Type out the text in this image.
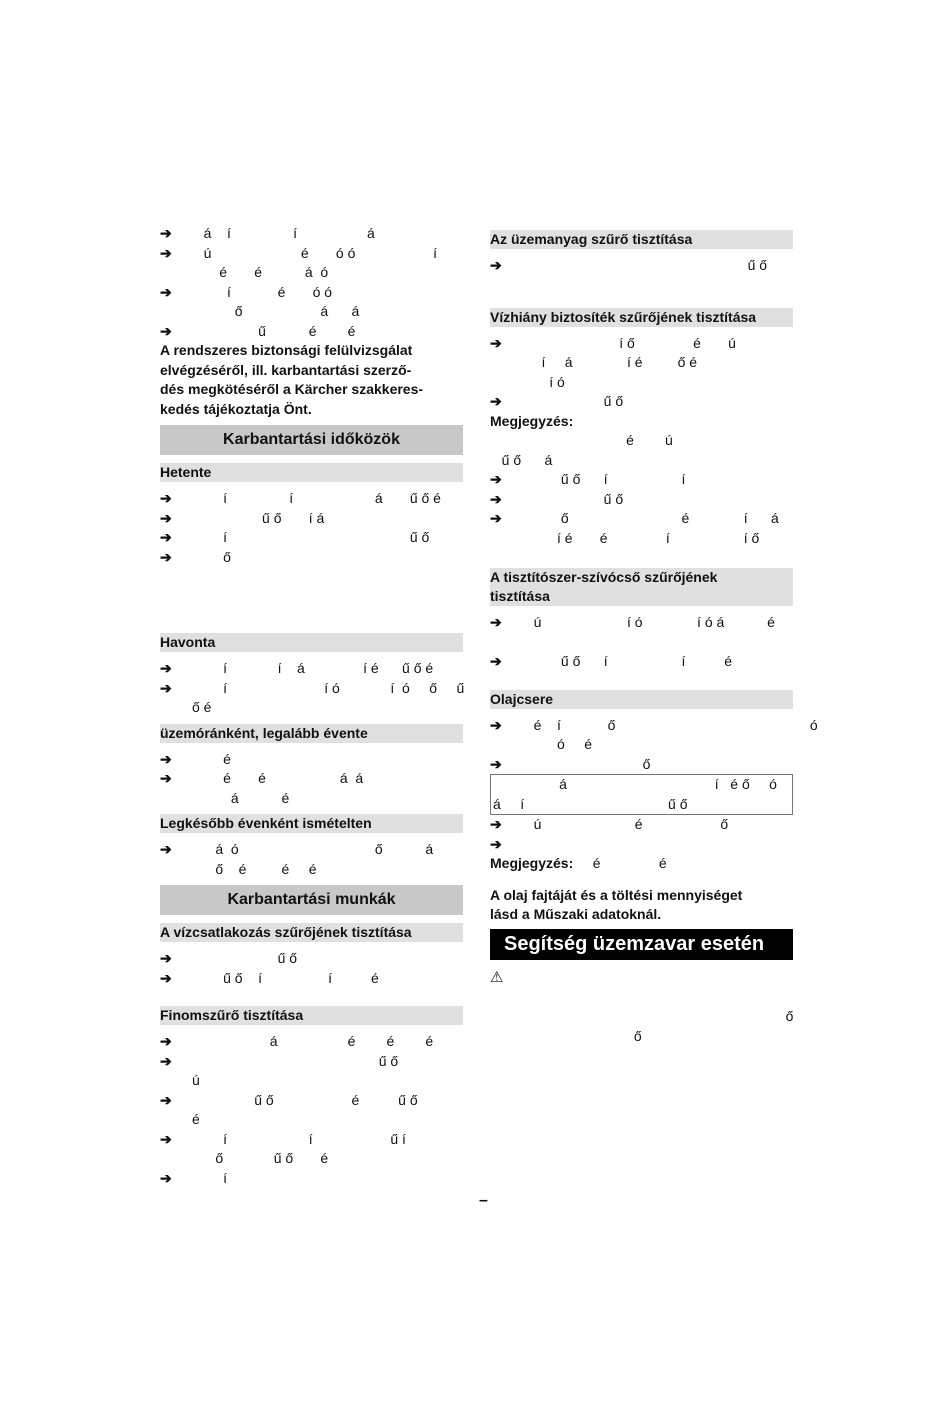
➔ á    í                í                  á
➔ ú                       é       ó ó                    í
é       é           á  ó
➔ í            é       ó ó
ő                    á      á
➔ ű           é        é
A rendszeres biztonsági felülvizsgálat
elvégzéséről, ill. karbantartási szerző-
dés megkötéséről a Kärcher szakkeres-
kedés tájékoztatja Önt.
Karbantartási időközök
Hetente
➔ í                í                     á       ű ő é
➔ ű ő       í á
➔ í                                               ű ő
➔ ő
Havonta
➔ í             í    á               í é      ű ő é
➔ í                         í ó             í  ó     ő     ű
ő é
üzemóránként, legalább évente
➔ é
➔ é       é                   á  á
á           é
Legkésőbb évenként ismételten
➔ á  ó                                   ő           á
ő    é         é     é
Karbantartási munkák
A vízcsatlakozás szűrőjének tisztítása
➔ ű ő
➔ ű ő    í                 í          é
Finomszűrő tisztítása
➔ á                  é        é        é
➔ ű ő
ú
➔ ű ő                    é          ű ő
é
➔ í                     í                    ű í
ő             ű ő       é
➔ í
Az üzemanyag szűrő tisztítása
➔ ű ő
Vízhiány biztosíték szűrőjének tisztítása
➔ í ő               é       ú
í     á              í é         ő é
í ó
➔ ű ő
Megjegyzés:
é        ú
ű ő      á
➔ ű ő      í                   í
➔ ű ő
➔ ő                             é              í      á
í é       é               í                   í ő
A tisztítószer-szívócső szűrőjének
tisztítása
➔ ú                      í ó              í ó á           é
➔ ű ő      í                   í          é
Olajcsere
➔ é    í            ő                                                  ó
ó     é
➔ ő
á                                      í   é ő     ó
á     í                                     ű ő
➔ ú                        é                    ő
➔
Megjegyzés:     é               é
A olaj fajtáját és a töltési mennyiséget
lásd a Műszaki adatoknál.
Segítség üzemzavar esetén
⚠
ő
ő
–
